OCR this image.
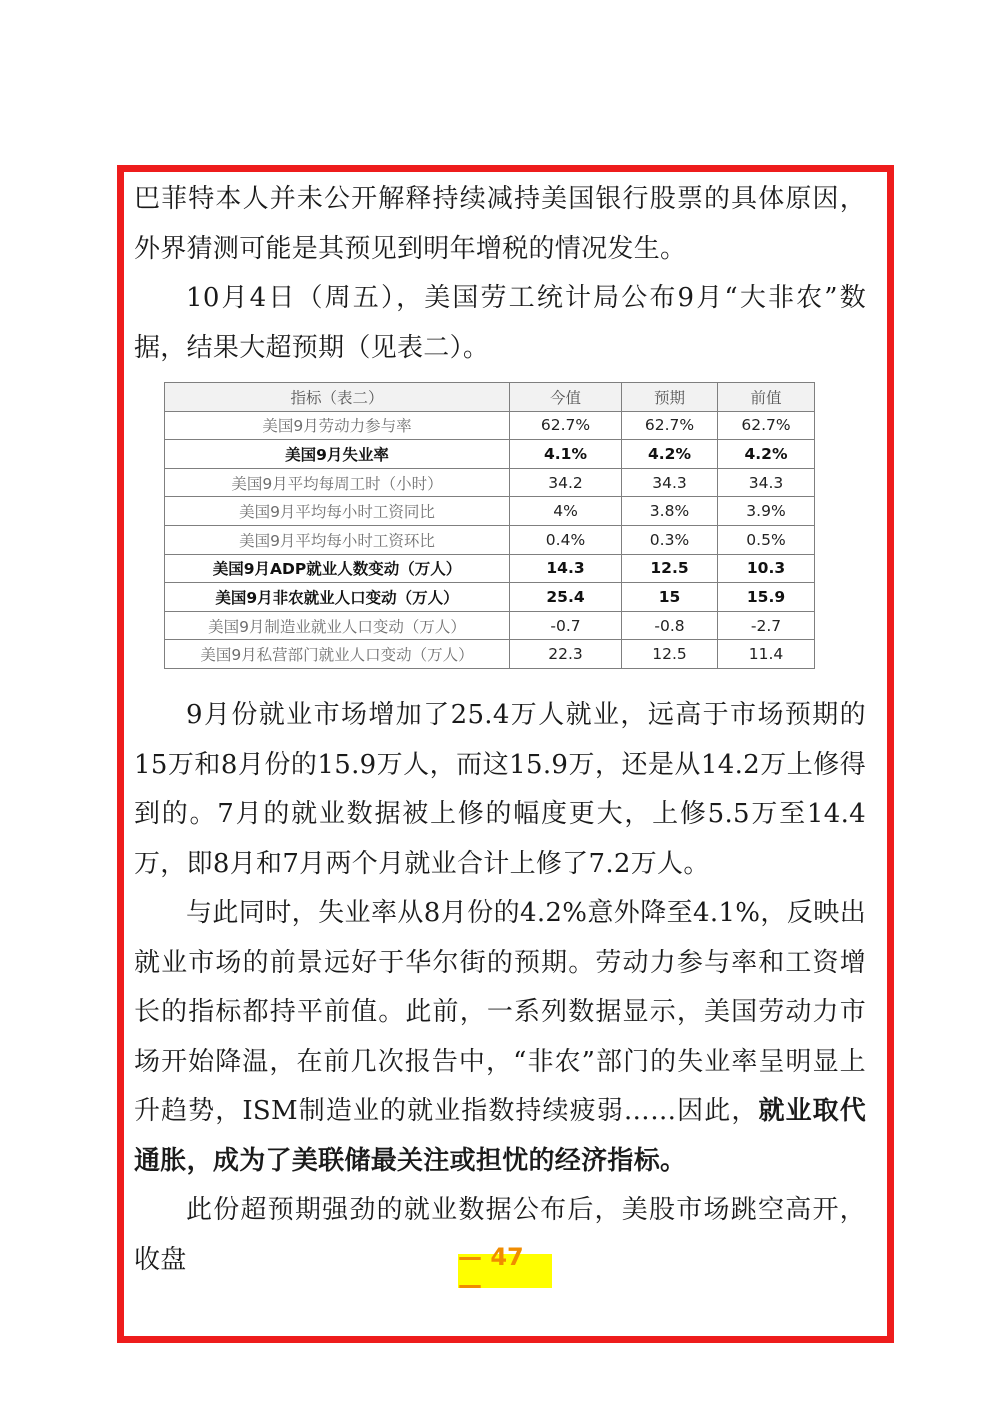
巴菲特本人并未公开解释持续减持美国银行股票的具体原因，外界猜测可能是其预见到明年增税的情况发生。

10月4日（周五），美国劳工统计局公布9月“大非农”数据，结果大超预期（见表二）。

9月份就业市场增加了25.4万人就业，远高于市场预期的15万和8月份的15.9万人，而这15.9万，还是从14.2万上修得到的。7月的就业数据被上修的幅度更大，上修5.5万至14.4万，即8月和7月两个月就业合计上修了7.2万人。

与此同时，失业率从8月份的4.2%意外降至4.1%，反映出就业市场的前景远好于华尔街的预期。劳动力参与率和工资增长的指标都持平前值。此前，一系列数据显示，美国劳动力市场开始降温，在前几次报告中，“非农”部门的失业率呈明显上升趋势，ISM制造业的就业指数持续疲弱……因此，就业取代通胀，成为了美联储最关注或担忧的经济指标。

此份超预期强劲的就业数据公布后，美股市场跳空高开，收盘

指标（表二）	今值	预期	前值
美国9月劳动力参与率	62.7%	62.7%	62.7%
美国9月失业率	4.1%	4.2%	4.2%
美国9月平均每周工时（小时）	34.2	34.3	34.3
美国9月平均每小时工资同比	4%	3.8%	3.9%
美国9月平均每小时工资环比	0.4%	0.3%	0.5%
美国9月ADP就业人数变动（万人）	14.3	12.5	10.3
美国9月非农就业人口变动（万人）	25.4	15	15.9
美国9月制造业就业人口变动（万人）	-0.7	-0.8	-2.7
美国9月私营部门就业人口变动（万人）	22.3	12.5	11.4
— 47 —
